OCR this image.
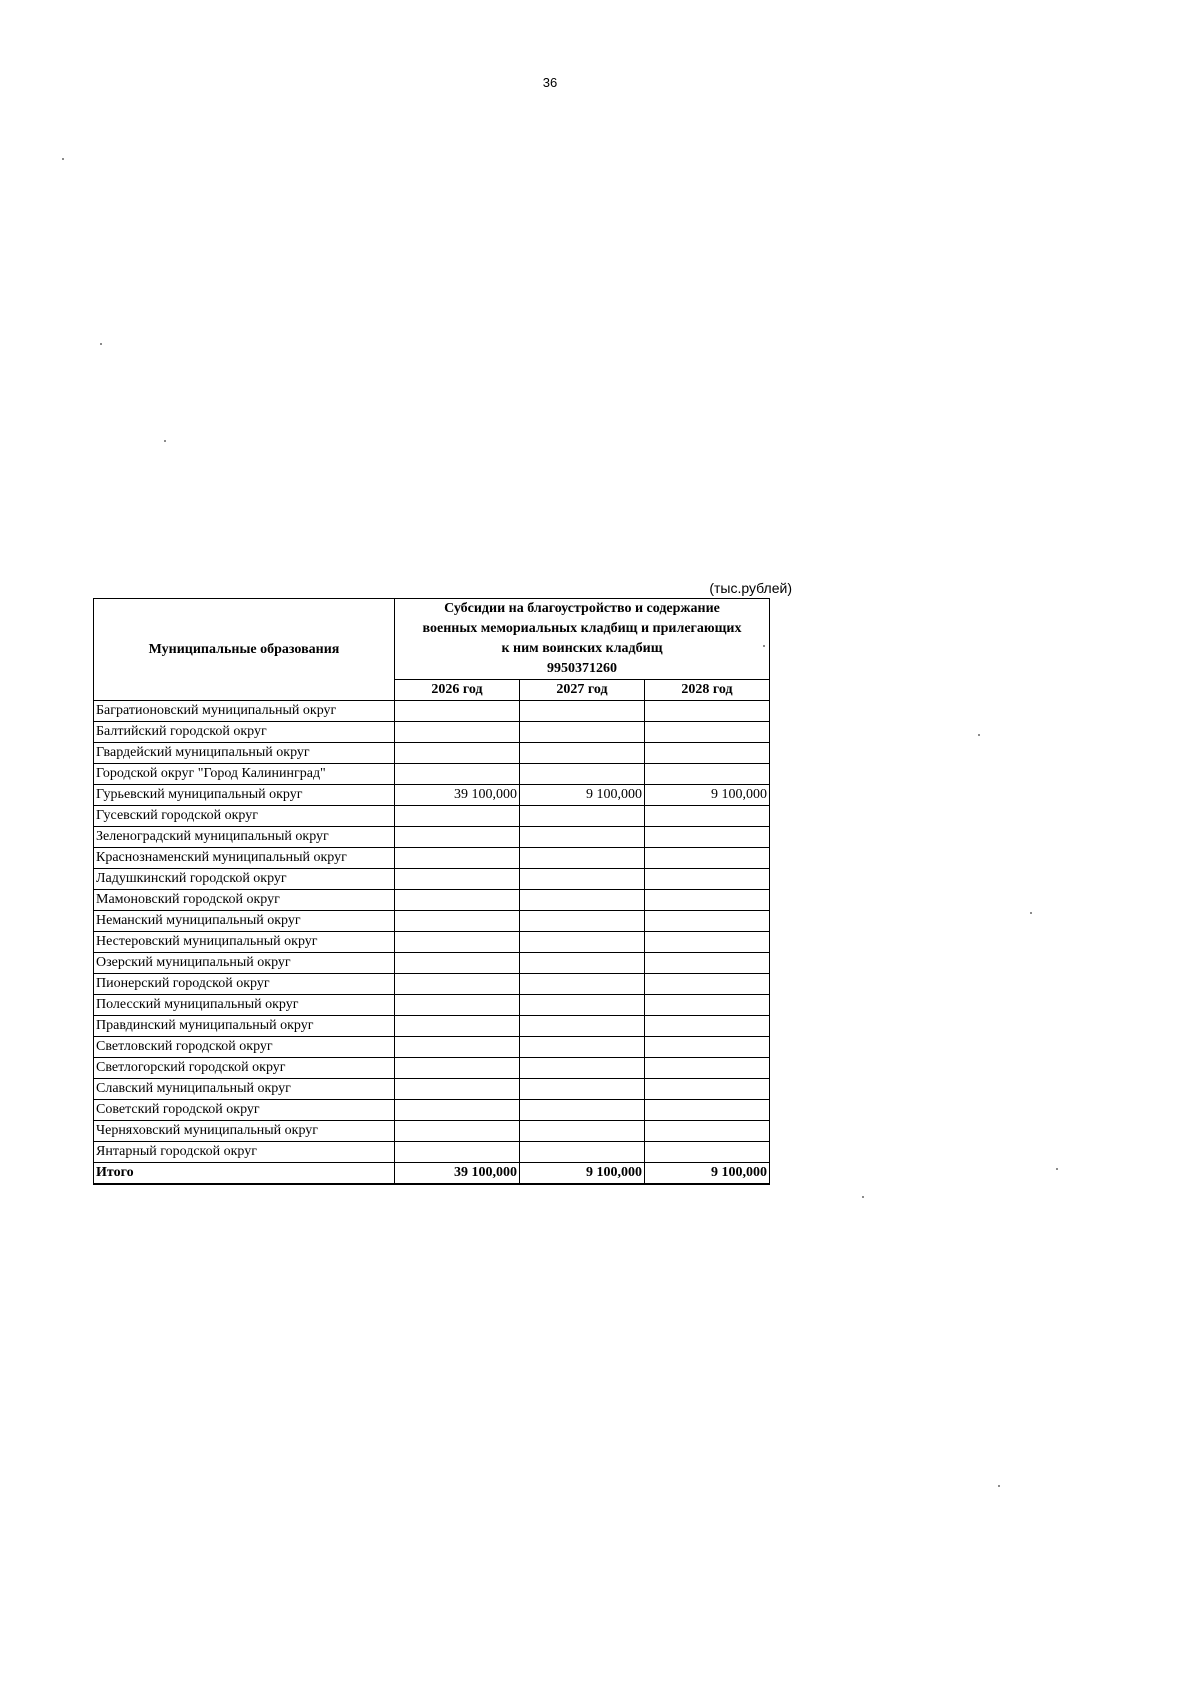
36
(тыс.рублей)
Муниципальные образования	Субсидии на благоустройство и содержание
военных мемориальных кладбищ и прилегающих
к ним воинских кладбищ
9950371260		

	2026 год	2027 год	2028 год
Багратионовский муниципальный округ			
Балтийский городской округ			
Гвардейский муниципальный округ			
Городской округ "Город Калининград"			
Гурьевский муниципальный округ	39 100,000	9 100,000	9 100,000
Гусевский городской округ			
Зеленоградский муниципальный округ			
Краснознаменский муниципальный округ			
Ладушкинский городской округ			
Мамоновский городской округ			
Неманский муниципальный округ			
Нестеровский муниципальный округ			
Озерский муниципальный округ			
Пионерский городской округ			
Полесский муниципальный округ			
Правдинский муниципальный округ			
Светловский городской округ			
Светлогорский городской округ			
Славский муниципальный округ			
Советский городской округ			
Черняховский муниципальный округ			
Янтарный городской округ			
Итого	39 100,000	9 100,000	9 100,000
